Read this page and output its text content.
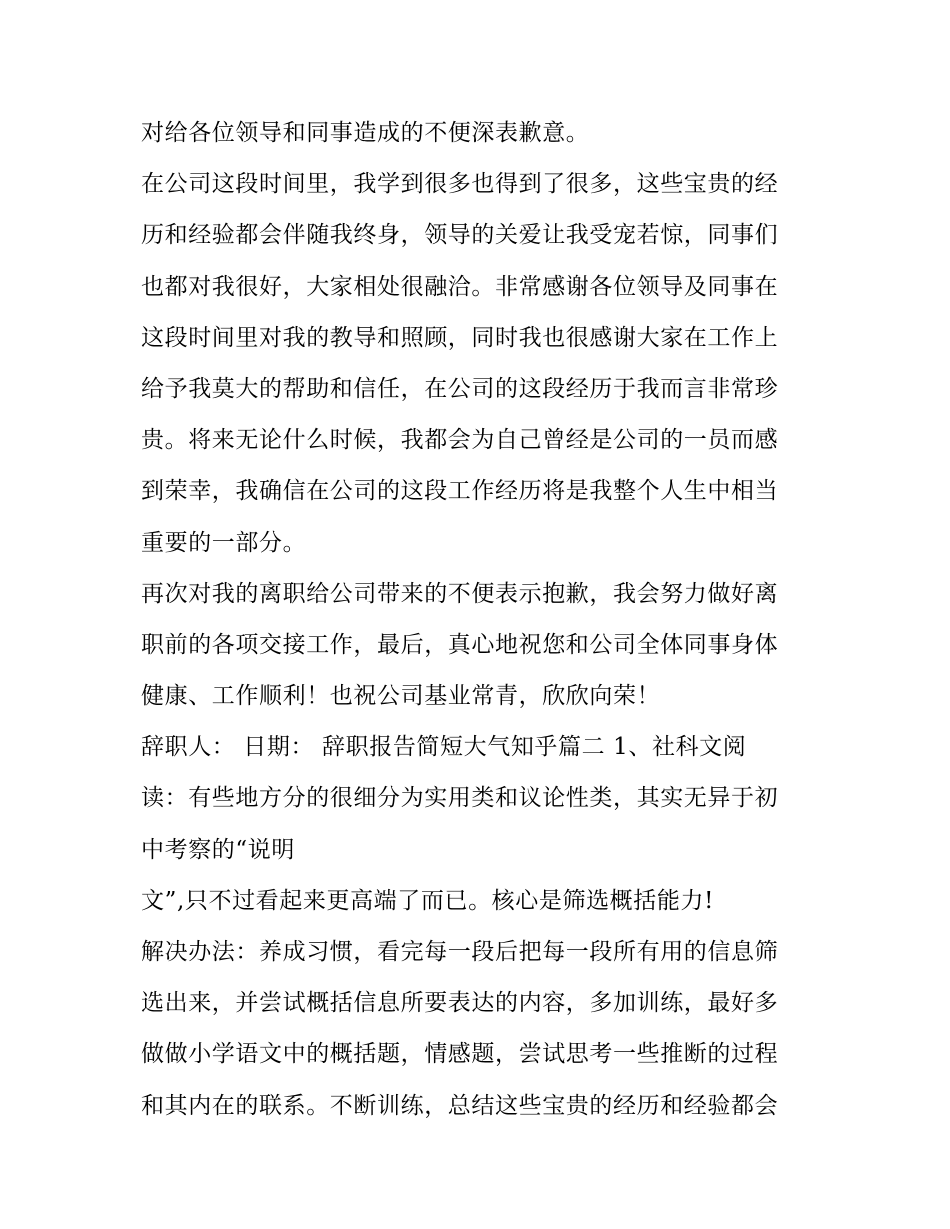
对给各位领导和同事造成的不便深表歉意。
在公司这段时间里，我学到很多也得到了很多，这些宝贵的经
历和经验都会伴随我终身，领导的关爱让我受宠若惊，同事们
也都对我很好，大家相处很融洽。非常感谢各位领导及同事在
这段时间里对我的教导和照顾，同时我也很感谢大家在工作上
给予我莫大的帮助和信任，在公司的这段经历于我而言非常珍
贵。将来无论什么时候，我都会为自己曾经是公司的一员而感
到荣幸，我确信在公司的这段工作经历将是我整个人生中相当
重要的一部分。
再次对我的离职给公司带来的不便表示抱歉，我会努力做好离
职前的各项交接工作，最后，真心地祝您和公司全体同事身体
健康、工作顺利！也祝公司基业常青，欣欣向荣！
辞职人： 日期： 辞职报告简短大气知乎篇二 1、社科文阅
读：有些地方分的很细分为实用类和议论性类，其实无异于初
中考察的“说明
文”,只不过看起来更高端了而已。核心是筛选概括能力!
解决办法：养成习惯，看完每一段后把每一段所有用的信息筛
选出来，并尝试概括信息所要表达的内容，多加训练，最好多
做做小学语文中的概括题，情感题，尝试思考一些推断的过程
和其内在的联系。不断训练，总结这些宝贵的经历和经验都会
